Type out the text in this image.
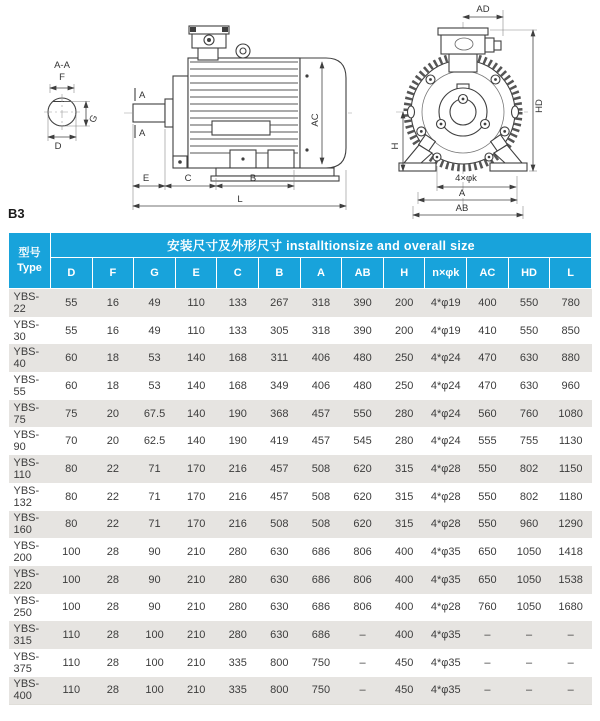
A-A
F
G
D
AC
A
A
E	C	B
L
AD
HD
H
4×φk
A
AB
B3
型号
Type	安装尺寸及外形尺寸 installtionsize and overall size												
	D	F	G	E	C	B	A	AB	H	n×φk	AC	HD	L
YBS-22	55	16	49	110	133	267	318	390	200	4*φ19	400	550	780
YBS-30	55	16	49	110	133	305	318	390	200	4*φ19	410	550	850
YBS-40	60	18	53	140	168	311	406	480	250	4*φ24	470	630	880
YBS-55	60	18	53	140	168	349	406	480	250	4*φ24	470	630	960
YBS-75	75	20	67.5	140	190	368	457	550	280	4*φ24	560	760	1080
YBS-90	70	20	62.5	140	190	419	457	545	280	4*φ24	555	755	1130
YBS-110	80	22	71	170	216	457	508	620	315	4*φ28	550	802	1150
YBS-132	80	22	71	170	216	457	508	620	315	4*φ28	550	802	1180
YBS-160	80	22	71	170	216	508	508	620	315	4*φ28	550	960	1290
YBS-200	100	28	90	210	280	630	686	806	400	4*φ35	650	1050	1418
YBS-220	100	28	90	210	280	630	686	806	400	4*φ35	650	1050	1538
YBS-250	100	28	90	210	280	630	686	806	400	4*φ28	760	1050	1680
YBS-315	110	28	100	210	280	630	686	–	400	4*φ35	–	–	–
YBS-375	110	28	100	210	335	800	750	–	450	4*φ35	–	–	–
YBS-400	110	28	100	210	335	800	750	–	450	4*φ35	–	–	–
